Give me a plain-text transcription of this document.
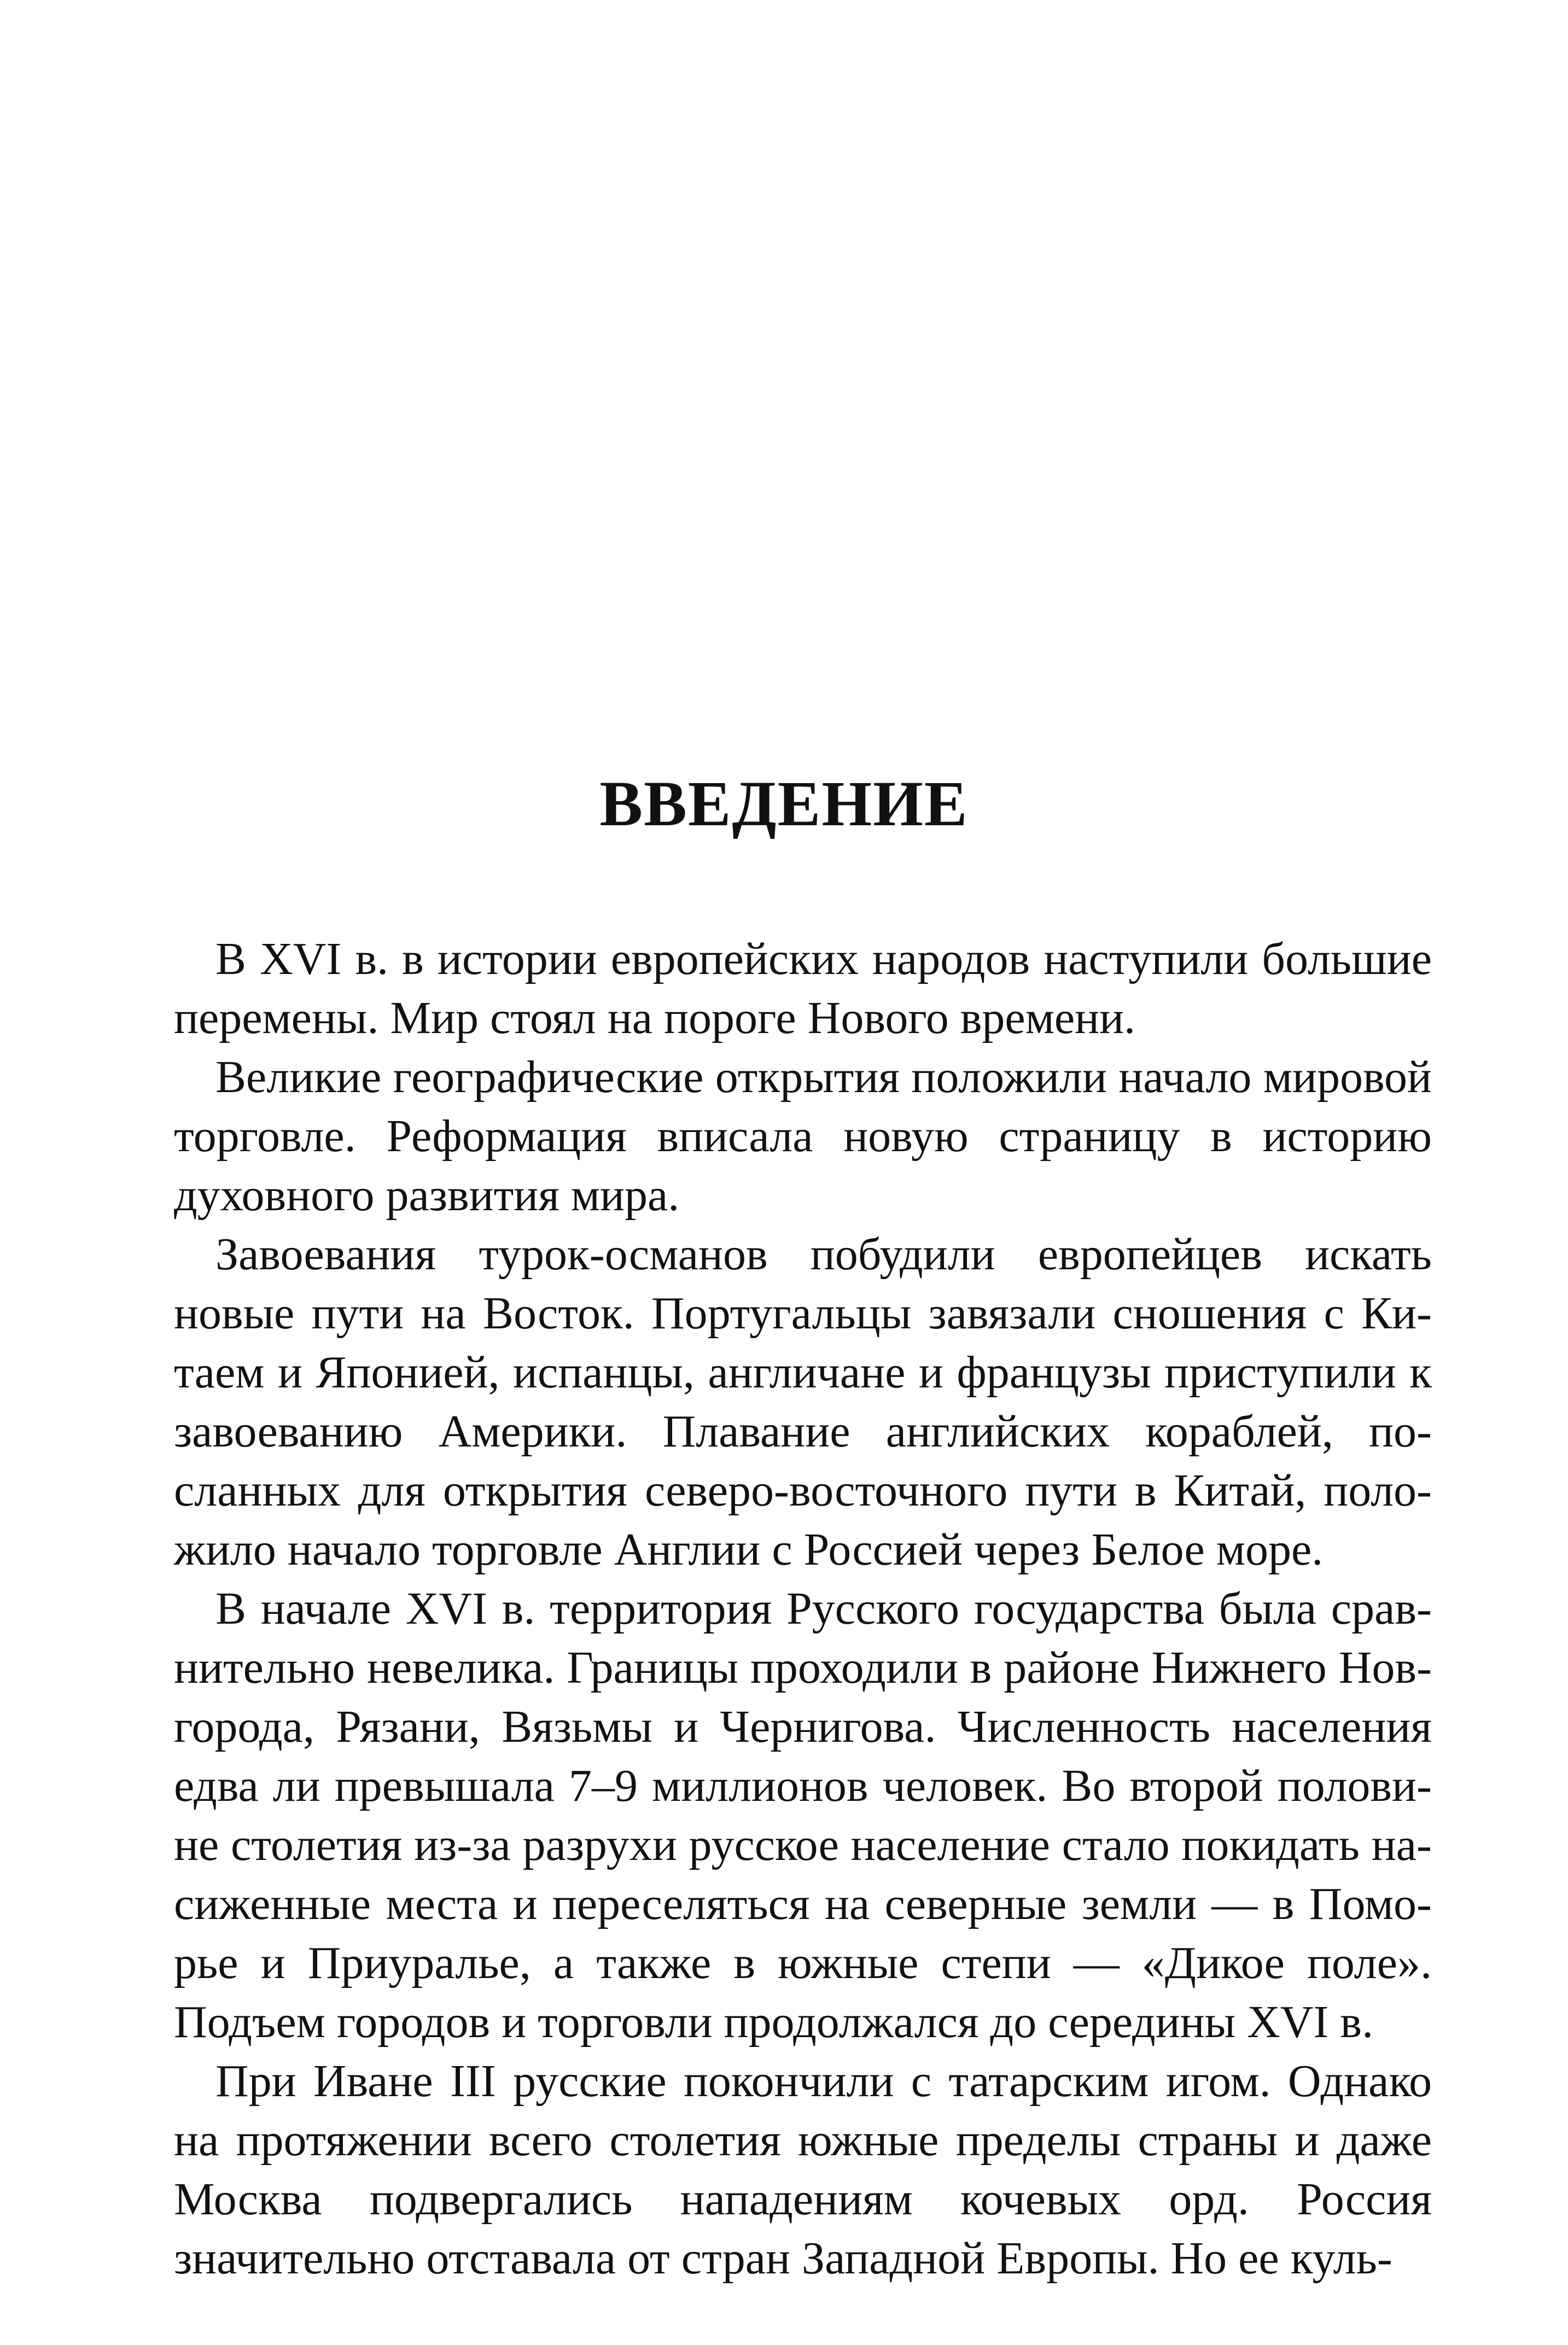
ВВЕДЕНИЕ

В XVI в. в истории европейских народов наступили большие перемены. Мир стоял на пороге Нового времени.

Великие географические открытия положили начало мировой торговле. Реформация вписала новую страницу в историю духовного развития мира.

Завоевания турок-османов побудили европейцев искать новые пути на Восток. Португальцы завязали сношения с Китаем и Японией, испанцы, англичане и французы приступили к завоеванию Америки. Плавание английских кораблей, посланных для открытия северо-восточного пути в Китай, положило начало торговле Англии с Россией через Белое море.

В начале XVI в. территория Русского государства была сравнительно невелика. Границы проходили в районе Нижнего Новгорода, Рязани, Вязьмы и Чернигова. Численность населения едва ли превышала 7–9 миллионов человек. Во второй половине столетия из-за разрухи русское население стало покидать насиженные места и переселяться на северные земли — в Поморье и Приуралье, а также в южные степи — «Дикое поле». Подъем городов и торговли продолжался до середины XVI в.

При Иване III русские покончили с татарским игом. Однако на протяжении всего столетия южные пределы страны и даже Москва подвергались нападениям кочевых орд. Россия значительно отставала от стран Западной Европы. Но ее куль-
